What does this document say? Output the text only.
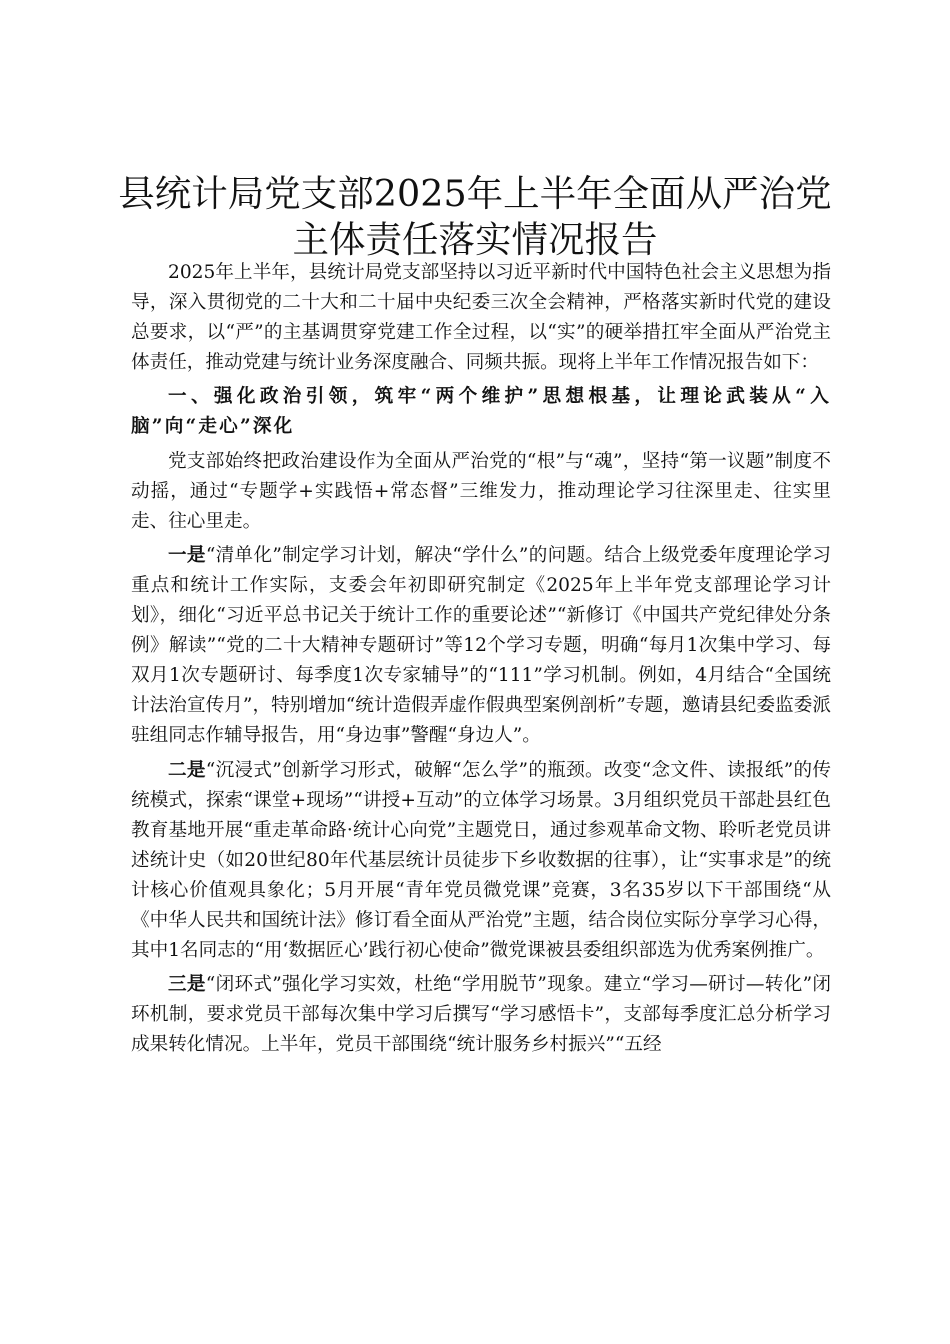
县统计局党支部2025年上半年全面从严治党
主体责任落实情况报告

2025年上半年，县统计局党支部坚持以习近平新时代中国特色社会主义思想为指导，深入贯彻党的二十大和二十届中央纪委三次全会精神，严格落实新时代党的建设总要求，以“严”的主基调贯穿党建工作全过程，以“实”的硬举措扛牢全面从严治党主体责任，推动党建与统计业务深度融合、同频共振。现将上半年工作情况报告如下：

一、强化政治引领，筑牢“两个维护”思想根基，让理论武装从“入脑”向“走心”深化

党支部始终把政治建设作为全面从严治党的“根”与“魂”，坚持“第一议题”制度不动摇，通过“专题学+实践悟+常态督”三维发力，推动理论学习往深里走、往实里走、往心里走。

一是“清单化”制定学习计划，解决“学什么”的问题。结合上级党委年度理论学习重点和统计工作实际，支委会年初即研究制定《2025年上半年党支部理论学习计划》，细化“习近平总书记关于统计工作的重要论述”“新修订《中国共产党纪律处分条例》解读”“党的二十大精神专题研讨”等12个学习专题，明确“每月1次集中学习、每双月1次专题研讨、每季度1次专家辅导”的“111”学习机制。例如，4月结合“全国统计法治宣传月”，特别增加“统计造假弄虚作假典型案例剖析”专题，邀请县纪委监委派驻组同志作辅导报告，用“身边事”警醒“身边人”。

二是“沉浸式”创新学习形式，破解“怎么学”的瓶颈。改变“念文件、读报纸”的传统模式，探索“课堂+现场”“讲授+互动”的立体学习场景。3月组织党员干部赴县红色教育基地开展“重走革命路·统计心向党”主题党日，通过参观革命文物、聆听老党员讲述统计史（如20世纪80年代基层统计员徒步下乡收数据的往事），让“实事求是”的统计核心价值观具象化；5月开展“青年党员微党课”竞赛，3名35岁以下干部围绕“从《中华人民共和国统计法》修订看全面从严治党”主题，结合岗位实际分享学习心得，其中1名同志的“用‘数据匠心’践行初心使命”微党课被县委组织部选为优秀案例推广。

三是“闭环式”强化学习实效，杜绝“学用脱节”现象。建立“学习—研讨—转化”闭环机制，要求党员干部每次集中学习后撰写“学习感悟卡”，支部每季度汇总分析学习成果转化情况。上半年，党员干部围绕“统计服务乡村振兴”“五经
